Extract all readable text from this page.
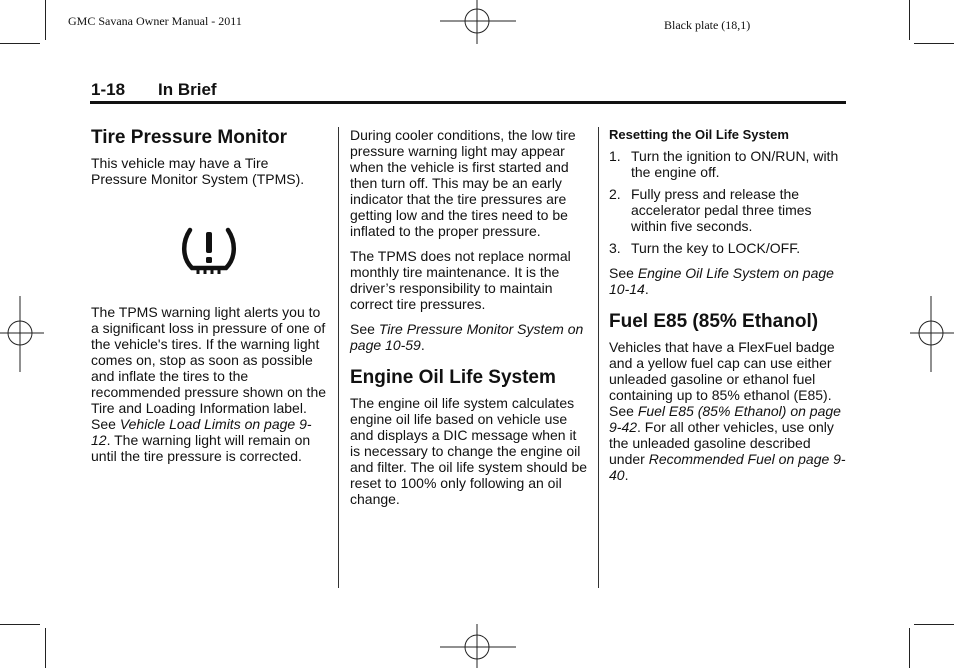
GMC Savana Owner Manual - 2011	Black plate (18,1)
1-18 In Brief
Tire Pressure Monitor

This vehicle may have a Tire Pressure Monitor System (TPMS).

The TPMS warning light alerts you to a significant loss in pressure of one of the vehicle's tires. If the warning light comes on, stop as soon as possible and inflate the tires to the recommended pressure shown on the Tire and Loading Information label. See Vehicle Load Limits on page 9-12. The warning light will remain on until the tire pressure is corrected.

During cooler conditions, the low tire pressure warning light may appear when the vehicle is first started and then turn off. This may be an early indicator that the tire pressures are getting low and the tires need to be inflated to the proper pressure.

The TPMS does not replace normal monthly tire maintenance. It is the driver’s responsibility to maintain correct tire pressures.

See Tire Pressure Monitor System on page 10-59.

Engine Oil Life System

The engine oil life system calculates engine oil life based on vehicle use and displays a DIC message when it is necessary to change the engine oil and filter. The oil life system should be reset to 100% only following an oil change.

Resetting the Oil Life System
1. Turn the ignition to ON/RUN, with the engine off.
2. Fully press and release the accelerator pedal three times within five seconds.
3. Turn the key to LOCK/OFF.

See Engine Oil Life System on page 10-14.

Fuel E85 (85% Ethanol)

Vehicles that have a FlexFuel badge and a yellow fuel cap can use either unleaded gasoline or ethanol fuel containing up to 85% ethanol (E85). See Fuel E85 (85% Ethanol) on page 9-42. For all other vehicles, use only the unleaded gasoline described under Recommended Fuel on page 9-40.
